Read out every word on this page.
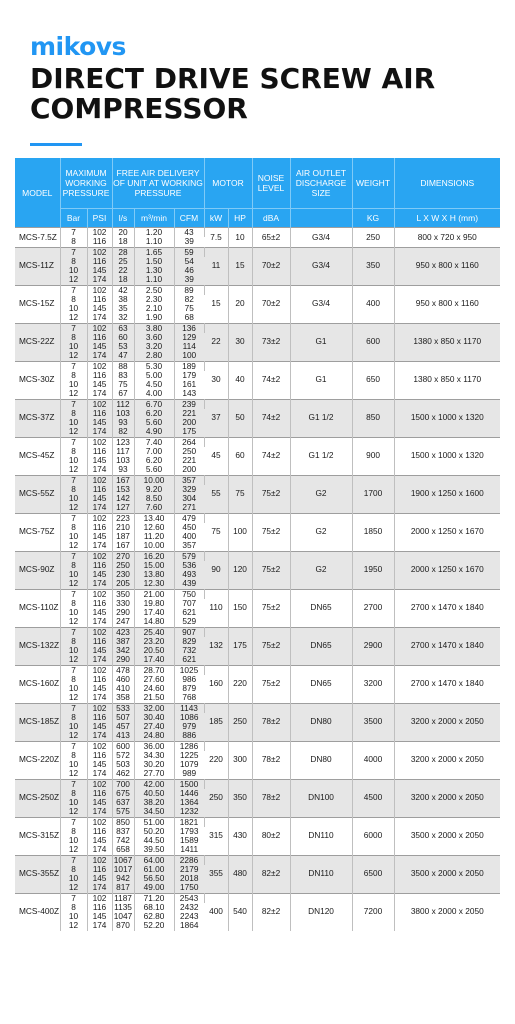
mikovs
DIRECT DRIVE SCREW AIR
COMPRESSOR
MODEL	MAXIMUM WORKING PRESSURE		FREE AIR DELIVERY OF UNIT AT WORKING PRESSURE			MOTOR		NOISE LEVEL	AIR OUTLET DISCHARGE SIZE	WEIGHT	DIMENSIONS
	Bar	PSI	l/s	m³/min	CFM	kW	HP	dBA		KG	L X W X H (mm)
MCS-7.5Z	7	102	20	1.20	43	7.5	10	65±2	G3/4	250	800 x 720 x 950
	8	116	18	1.10	39						
MCS-11Z	7	102	28	1.65	59	11	15	70±2	G3/4	350	950 x 800 x 1160
	8	116	25	1.50	54						
	10	145	22	1.30	46						
	12	174	18	1.10	39						
MCS-15Z	7	102	42	2.50	89	15	20	70±2	G3/4	400	950 x 800 x 1160
	8	116	38	2.30	82						
	10	145	35	2.10	75						
	12	174	32	1.90	68						
MCS-22Z	7	102	63	3.80	136	22	30	73±2	G1	600	1380 x 850 x 1170
	8	116	60	3.60	129						
	10	145	53	3.20	114						
	12	174	47	2.80	100						
MCS-30Z	7	102	88	5.30	189	30	40	74±2	G1	650	1380 x 850 x 1170
	8	116	83	5.00	179						
	10	145	75	4.50	161						
	12	174	67	4.00	143						
MCS-37Z	7	102	112	6.70	239	37	50	74±2	G1 1/2	850	1500 x 1000 x 1320
	8	116	103	6.20	221						
	10	145	93	5.60	200						
	12	174	82	4.90	175						
MCS-45Z	7	102	123	7.40	264	45	60	74±2	G1 1/2	900	1500 x 1000 x 1320
	8	116	117	7.00	250						
	10	145	103	6.20	221						
	12	174	93	5.60	200						
MCS-55Z	7	102	167	10.00	357	55	75	75±2	G2	1700	1900 x 1250 x 1600
	8	116	153	9.20	329						
	10	145	142	8.50	304						
	12	174	127	7.60	271						
MCS-75Z	7	102	223	13.40	479	75	100	75±2	G2	1850	2000 x 1250 x 1670
	8	116	210	12.60	450						
	10	145	187	11.20	400						
	12	174	167	10.00	357						
MCS-90Z	7	102	270	16.20	579	90	120	75±2	G2	1950	2000 x 1250 x 1670
	8	116	250	15.00	536						
	10	145	230	13.80	493						
	12	174	205	12.30	439						
MCS-110Z	7	102	350	21.00	750	110	150	75±2	DN65	2700	2700 x 1470 x 1840
	8	116	330	19.80	707						
	10	145	290	17.40	621						
	12	174	247	14.80	529						
MCS-132Z	7	102	423	25.40	907	132	175	75±2	DN65	2900	2700 x 1470 x 1840
	8	116	387	23.20	829						
	10	145	342	20.50	732						
	12	174	290	17.40	621						
MCS-160Z	7	102	478	28.70	1025	160	220	75±2	DN65	3200	2700 x 1470 x 1840
	8	116	460	27.60	986						
	10	145	410	24.60	879						
	12	174	358	21.50	768						
MCS-185Z	7	102	533	32.00	1143	185	250	78±2	DN80	3500	3200 x 2000 x 2050
	8	116	507	30.40	1086						
	10	145	457	27.40	979						
	12	174	413	24.80	886						
MCS-220Z	7	102	600	36.00	1286	220	300	78±2	DN80	4000	3200 x 2000 x 2050
	8	116	572	34.30	1225						
	10	145	503	30.20	1079						
	12	174	462	27.70	989						
MCS-250Z	7	102	700	42.00	1500	250	350	78±2	DN100	4500	3200 x 2000 x 2050
	8	116	675	40.50	1446						
	10	145	637	38.20	1364						
	12	174	575	34.50	1232						
MCS-315Z	7	102	850	51.00	1821	315	430	80±2	DN110	6000	3500 x 2000 x 2050
	8	116	837	50.20	1793						
	10	145	742	44.50	1589						
	12	174	658	39.50	1411						
MCS-355Z	7	102	1067	64.00	2286	355	480	82±2	DN110	6500	3500 x 2000 x 2050
	8	116	1017	61.00	2179						
	10	145	942	56.50	2018						
	12	174	817	49.00	1750						
MCS-400Z	7	102	1187	71.20	2543	400	540	82±2	DN120	7200	3800 x 2000 x 2050
	8	116	1135	68.10	2432						
	10	145	1047	62.80	2243						
	12	174	870	52.20	1864						
